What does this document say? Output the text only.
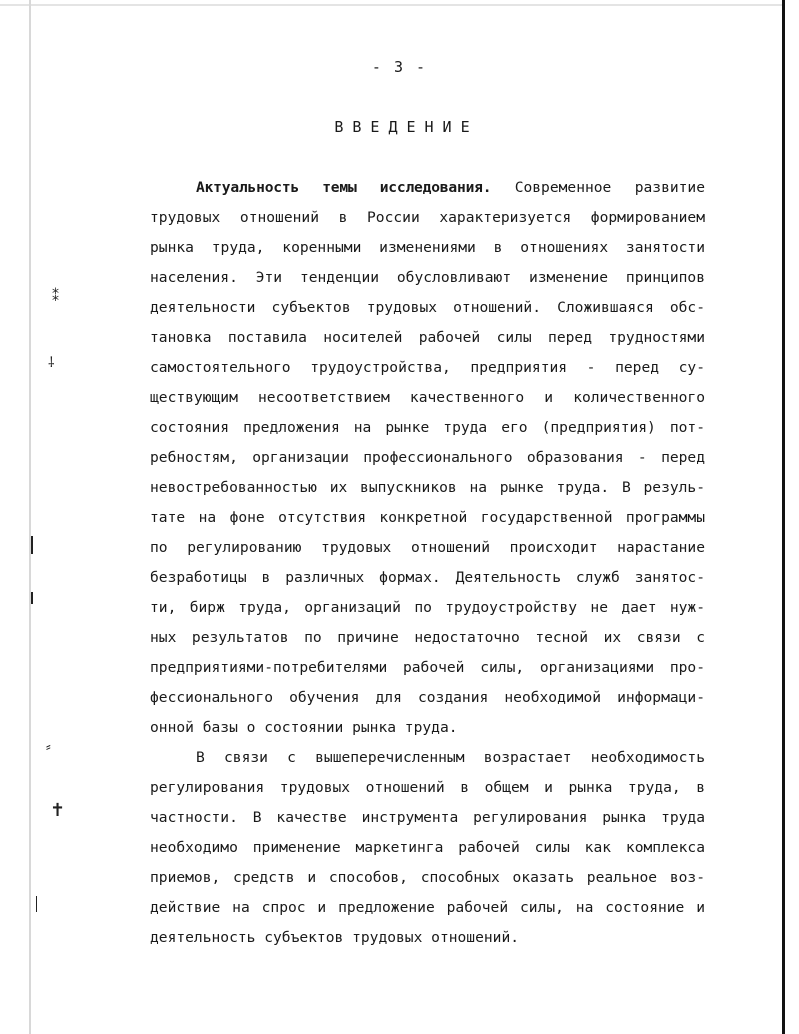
⁑
⸸
⸗
✝
- 3 -
ВВЕДЕНИЕ
Актуальность темы исследования. Современное развитие
трудовых отношений в России характеризуется формированием
рынка труда, коренными изменениями в отношениях занятости
населения. Эти тенденции обусловливают изменение принципов
деятельности субъектов трудовых отношений. Сложившаяся обс-
тановка поставила носителей рабочей силы перед трудностями
самостоятельного трудоустройства, предприятия - перед су-
ществующим несоответствием качественного и количественного
состояния предложения на рынке труда его (предприятия) пот-
ребностям, организации профессионального образования - перед
невостребованностью их выпускников на рынке труда. В резуль-
тате на фоне отсутствия конкретной государственной программы
по регулированию трудовых отношений происходит нарастание
безработицы в различных формах. Деятельность служб занятос-
ти, бирж труда, организаций по трудоустройству не дает нуж-
ных результатов по причине недостаточно тесной их связи с
предприятиями-потребителями рабочей силы, организациями про-
фессионального обучения для создания необходимой информаци-
онной базы о состоянии рынка труда.
В связи с вышеперечисленным возрастает необходимость
регулирования трудовых отношений в общем и рынка труда, в
частности. В качестве инструмента регулирования рынка труда
необходимо применение маркетинга рабочей силы как комплекса
приемов, средств и способов, способных оказать реальное воз-
действие на спрос и предложение рабочей силы, на состояние и
деятельность субъектов трудовых отношений.
